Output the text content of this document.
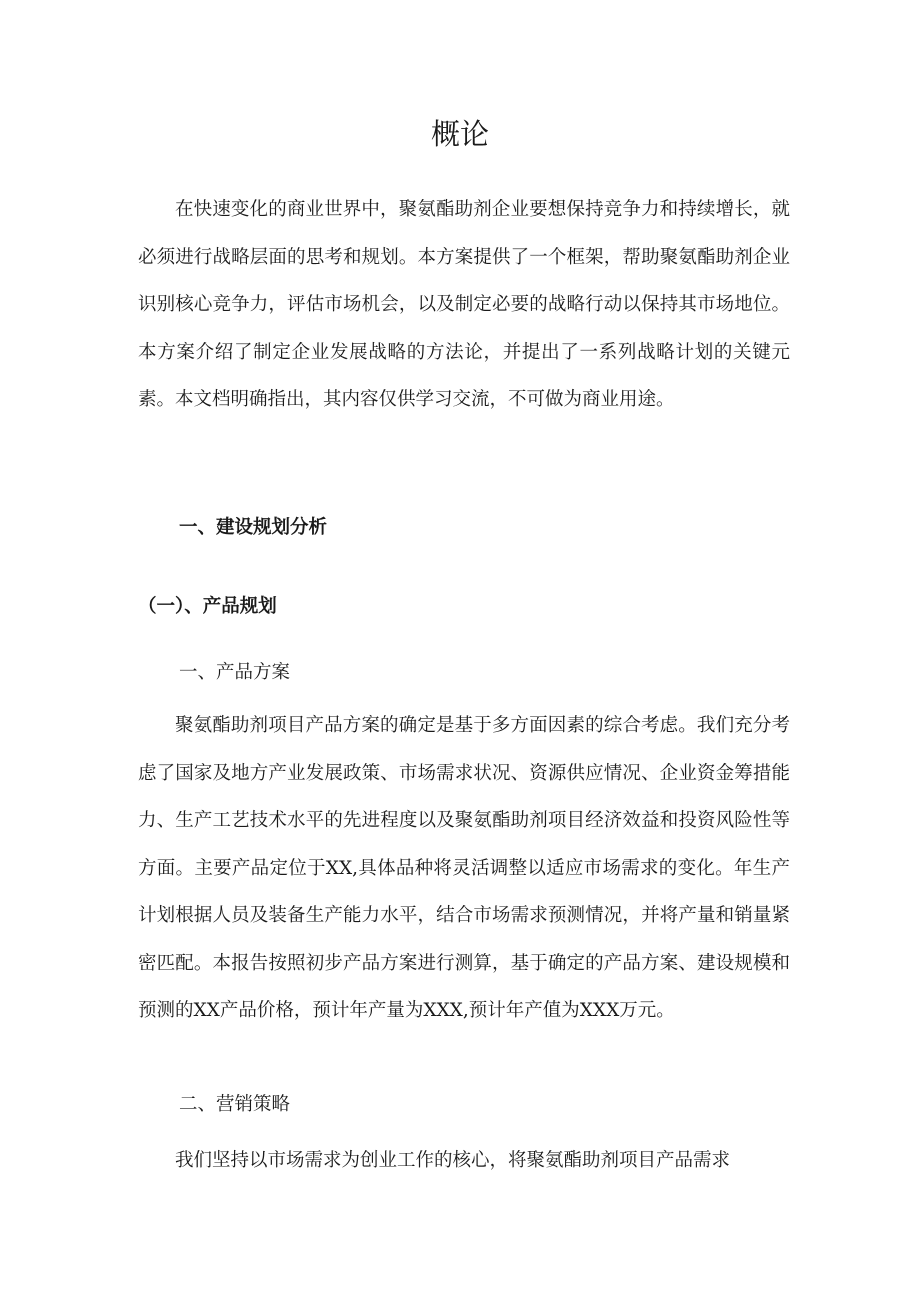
概论

在快速变化的商业世界中，聚氨酯助剂企业要想保持竞争力和持续增长，就必须进行战略层面的思考和规划。本方案提供了一个框架，帮助聚氨酯助剂企业识别核心竞争力，评估市场机会，以及制定必要的战略行动以保持其市场地位。本方案介绍了制定企业发展战略的方法论，并提出了一系列战略计划的关键元素。本文档明确指出，其内容仅供学习交流，不可做为商业用途。

一、建设规划分析
（一）、产品规划
一、产品方案

聚氨酯助剂项目产品方案的确定是基于多方面因素的综合考虑。我们充分考虑了国家及地方产业发展政策、市场需求状况、资源供应情况、企业资金筹措能力、生产工艺技术水平的先进程度以及聚氨酯助剂项目经济效益和投资风险性等方面。主要产品定位于XX,具体品种将灵活调整以适应市场需求的变化。年生产计划根据人员及装备生产能力水平，结合市场需求预测情况，并将产量和销量紧密匹配。本报告按照初步产品方案进行测算，基于确定的产品方案、建设规模和预测的XX产品价格，预计年产量为XXX,预计年产值为XXX万元。

二、营销策略

我们坚持以市场需求为创业工作的核心，将聚氨酯助剂项目产品需求
